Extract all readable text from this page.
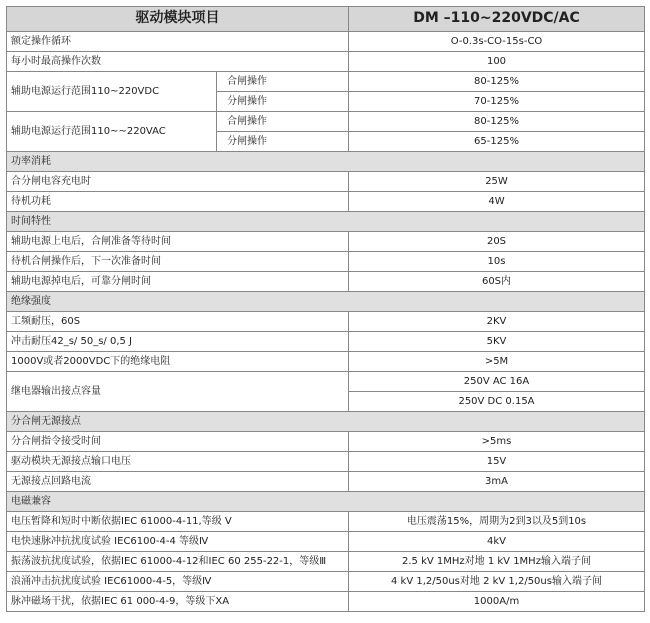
驱动模块项目		DM –110~220VDC/AC
额定操作循环		O-0.3s-CO-15s-CO
每小时最高操作次数		100
辅助电源运行范围110~220VDC	合闸操作	80-125%
	分闸操作	70-125%
辅助电源运行范围110~~220VAC	合闸操作	80-125%
	分闸操作	65-125%
功率消耗		
合分闸电容充电时		25W
待机功耗		4W
时间特性		
辅助电源上电后，合闸准备等待时间		20S
待机合闸操作后，下一次准备时间		10s
辅助电源掉电后，可靠分闸时间		60S内
绝缘强度		
工频耐压，60S		2KV
冲击耐压42_s/ 50_s/ 0,5 J		5KV
1000V或者2000VDC下的绝缘电阻		>5M
继电器输出接点容量		250V AC 16A
		250V DC 0.15A
分合闸无源接点		
分合闸指令接受时间		>5ms
驱动模块无源接点输口电压		15V
无源接点回路电流		3mA
电磁兼容		
电压暂降和短时中断依据IEC 61000-4-11,等级 V		电压震荡15%，周期为2到3以及5到10s
电快速脉冲抗扰度试验 IEC6100-4-4 等级Ⅳ		4kV
振荡波抗扰度试验，依据IEC 61000-4-12和IEC 60 255-22-1，等级Ⅲ		2.5 kV 1MHz对地 1 kV 1MHz输入端子间
浪涌冲击抗扰度试验 IEC61000-4-5，等级Ⅳ		4 kV 1,2/50us对地 2 kV 1,2/50us输入端子间
脉冲磁场干扰，依据IEC 61 000-4-9，等级下XA		1000A/m
